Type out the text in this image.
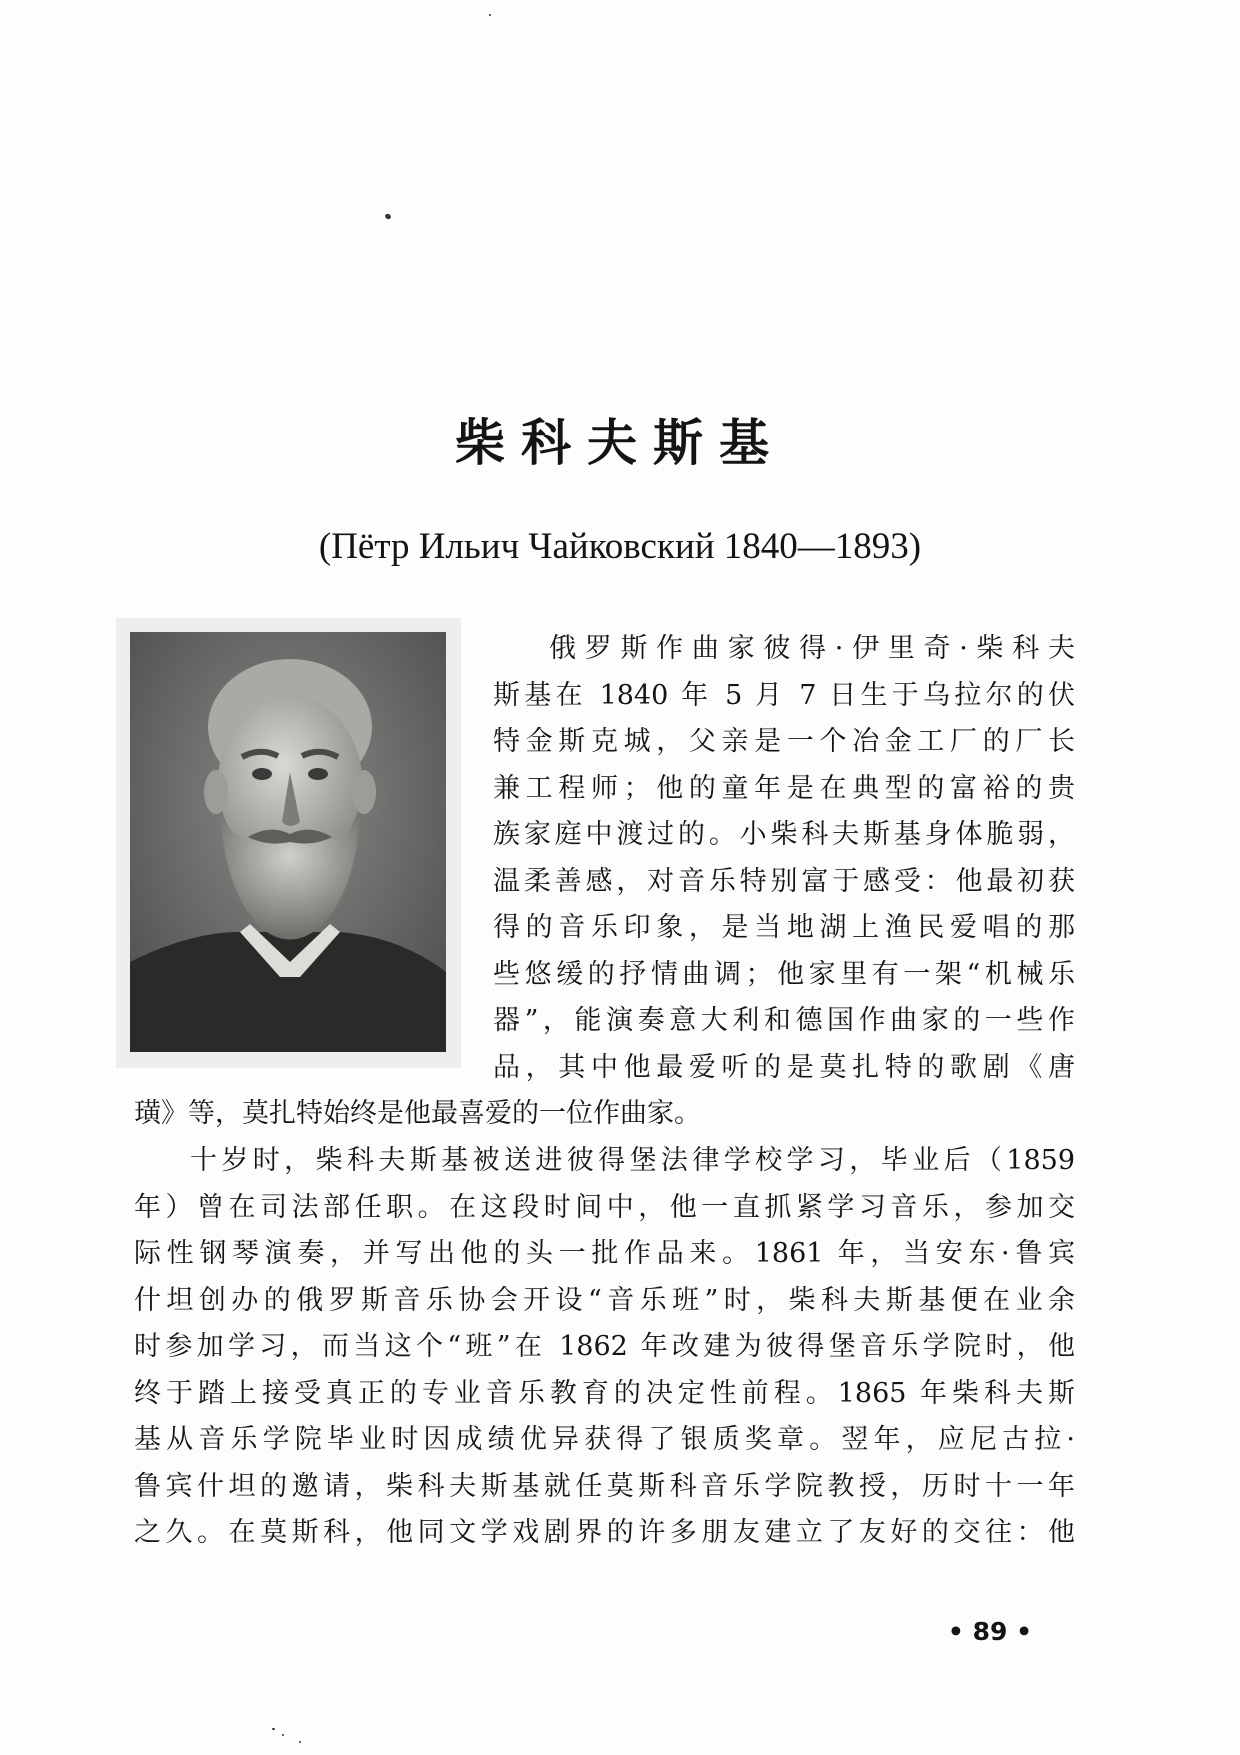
柴科夫斯基
(Пётр Ильич Чайковский 1840—1893)
俄罗斯作曲家彼得·伊里奇·柴科夫
斯基在 1840 年 5 月 7 日生于乌拉尔的伏
特金斯克城，父亲是一个冶金工厂的厂长
兼工程师；他的童年是在典型的富裕的贵
族家庭中渡过的。小柴科夫斯基身体脆弱，
温柔善感，对音乐特别富于感受：他最初获
得的音乐印象，是当地湖上渔民爱唱的那
些悠缓的抒情曲调；他家里有一架“机械乐
器”，能演奏意大利和德国作曲家的一些作
品，其中他最爱听的是莫扎特的歌剧《唐
璜》等，莫扎特始终是他最喜爱的一位作曲家。
十岁时，柴科夫斯基被送进彼得堡法律学校学习，毕业后（1859
年）曾在司法部任职。在这段时间中，他一直抓紧学习音乐，参加交
际性钢琴演奏，并写出他的头一批作品来。1861 年，当安东·鲁宾
什坦创办的俄罗斯音乐协会开设“音乐班”时，柴科夫斯基便在业余
时参加学习，而当这个“班”在 1862 年改建为彼得堡音乐学院时，他
终于踏上接受真正的专业音乐教育的决定性前程。1865 年柴科夫斯
基从音乐学院毕业时因成绩优异获得了银质奖章。翌年，应尼古拉·
鲁宾什坦的邀请，柴科夫斯基就任莫斯科音乐学院教授，历时十一年
之久。在莫斯科，他同文学戏剧界的许多朋友建立了友好的交往：他
• 89 •
